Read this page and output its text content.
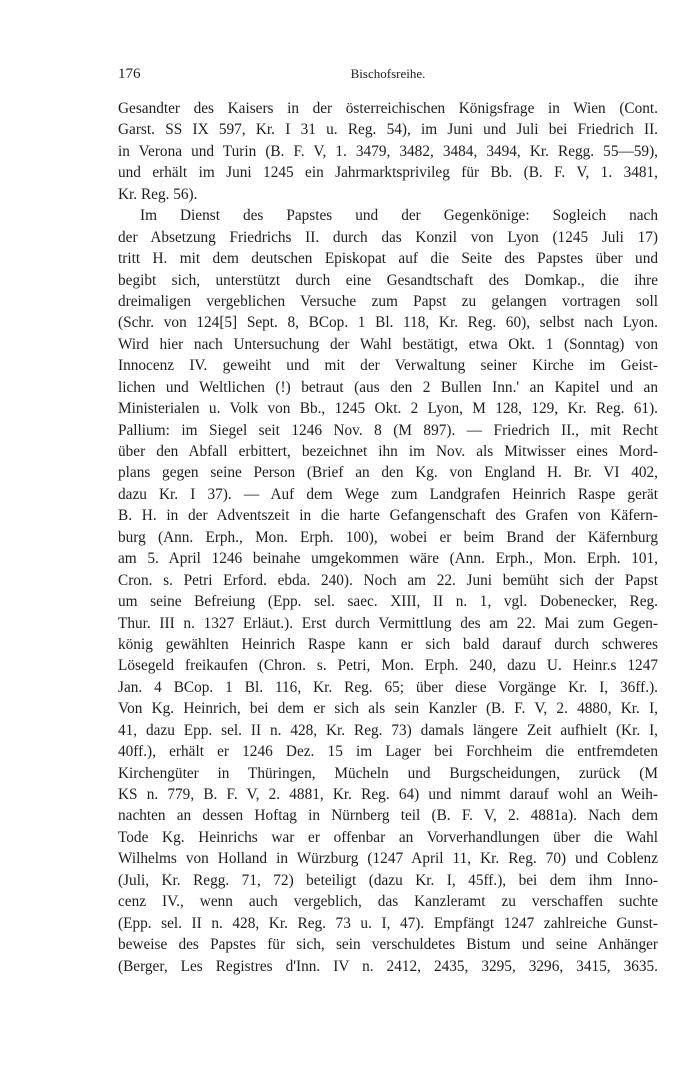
176	Bischofsreihe.
Gesandter des Kaisers in der österreichischen Königsfrage in Wien (Cont.
Garst. SS IX 597, Kr. I 31 u. Reg. 54), im Juni und Juli bei Friedrich II.
in Verona und Turin (B. F. V, 1. 3479, 3482, 3484, 3494, Kr. Regg. 55—59),
und erhält im Juni 1245 ein Jahrmarktsprivileg für Bb. (B. F. V, 1. 3481,
Kr. Reg. 56).
Im Dienst des Papstes und der Gegenkönige: Sogleich nach
der Absetzung Friedrichs II. durch das Konzil von Lyon (1245 Juli 17)
tritt H. mit dem deutschen Episkopat auf die Seite des Papstes über und
begibt sich, unterstützt durch eine Gesandtschaft des Domkap., die ihre
dreimaligen vergeblichen Versuche zum Papst zu gelangen vortragen soll
(Schr. von 124[5] Sept. 8, BCop. 1 Bl. 118, Kr. Reg. 60), selbst nach Lyon.
Wird hier nach Untersuchung der Wahl bestätigt, etwa Okt. 1 (Sonntag) von
Innocenz IV. geweiht und mit der Verwaltung seiner Kirche im Geist-
lichen und Weltlichen (!) betraut (aus den 2 Bullen Inn.' an Kapitel und an
Ministerialen u. Volk von Bb., 1245 Okt. 2 Lyon, M 128, 129, Kr. Reg. 61).
Pallium: im Siegel seit 1246 Nov. 8 (M 897). — Friedrich II., mit Recht
über den Abfall erbittert, bezeichnet ihn im Nov. als Mitwisser eines Mord-
plans gegen seine Person (Brief an den Kg. von England H. Br. VI 402,
dazu Kr. I 37). — Auf dem Wege zum Landgrafen Heinrich Raspe gerät
B. H. in der Adventszeit in die harte Gefangenschaft des Grafen von Käfern-
burg (Ann. Erph., Mon. Erph. 100), wobei er beim Brand der Käfernburg
am 5. April 1246 beinahe umgekommen wäre (Ann. Erph., Mon. Erph. 101,
Cron. s. Petri Erford. ebda. 240). Noch am 22. Juni bemüht sich der Papst
um seine Befreiung (Epp. sel. saec. XIII, II n. 1, vgl. Dobenecker, Reg.
Thur. III n. 1327 Erläut.). Erst durch Vermittlung des am 22. Mai zum Gegen-
könig gewählten Heinrich Raspe kann er sich bald darauf durch schweres
Lösegeld freikaufen (Chron. s. Petri, Mon. Erph. 240, dazu U. Heinr.s 1247
Jan. 4 BCop. 1 Bl. 116, Kr. Reg. 65; über diese Vorgänge Kr. I, 36ff.).
Von Kg. Heinrich, bei dem er sich als sein Kanzler (B. F. V, 2. 4880, Kr. I,
41, dazu Epp. sel. II n. 428, Kr. Reg. 73) damals längere Zeit aufhielt (Kr. I,
40ff.), erhält er 1246 Dez. 15 im Lager bei Forchheim die entfremdeten
Kirchengüter in Thüringen, Mücheln und Burgscheidungen, zurück (M
KS n. 779, B. F. V, 2. 4881, Kr. Reg. 64) und nimmt darauf wohl an Weih-
nachten an dessen Hoftag in Nürnberg teil (B. F. V, 2. 4881a). Nach dem
Tode Kg. Heinrichs war er offenbar an Vorverhandlungen über die Wahl
Wilhelms von Holland in Würzburg (1247 April 11, Kr. Reg. 70) und Coblenz
(Juli, Kr. Regg. 71, 72) beteiligt (dazu Kr. I, 45ff.), bei dem ihm Inno-
cenz IV., wenn auch vergeblich, das Kanzleramt zu verschaffen suchte
(Epp. sel. II n. 428, Kr. Reg. 73 u. I, 47). Empfängt 1247 zahlreiche Gunst-
beweise des Papstes für sich, sein verschuldetes Bistum und seine Anhänger
(Berger, Les Registres d'Inn. IV n. 2412, 2435, 3295, 3296, 3415, 3635.
